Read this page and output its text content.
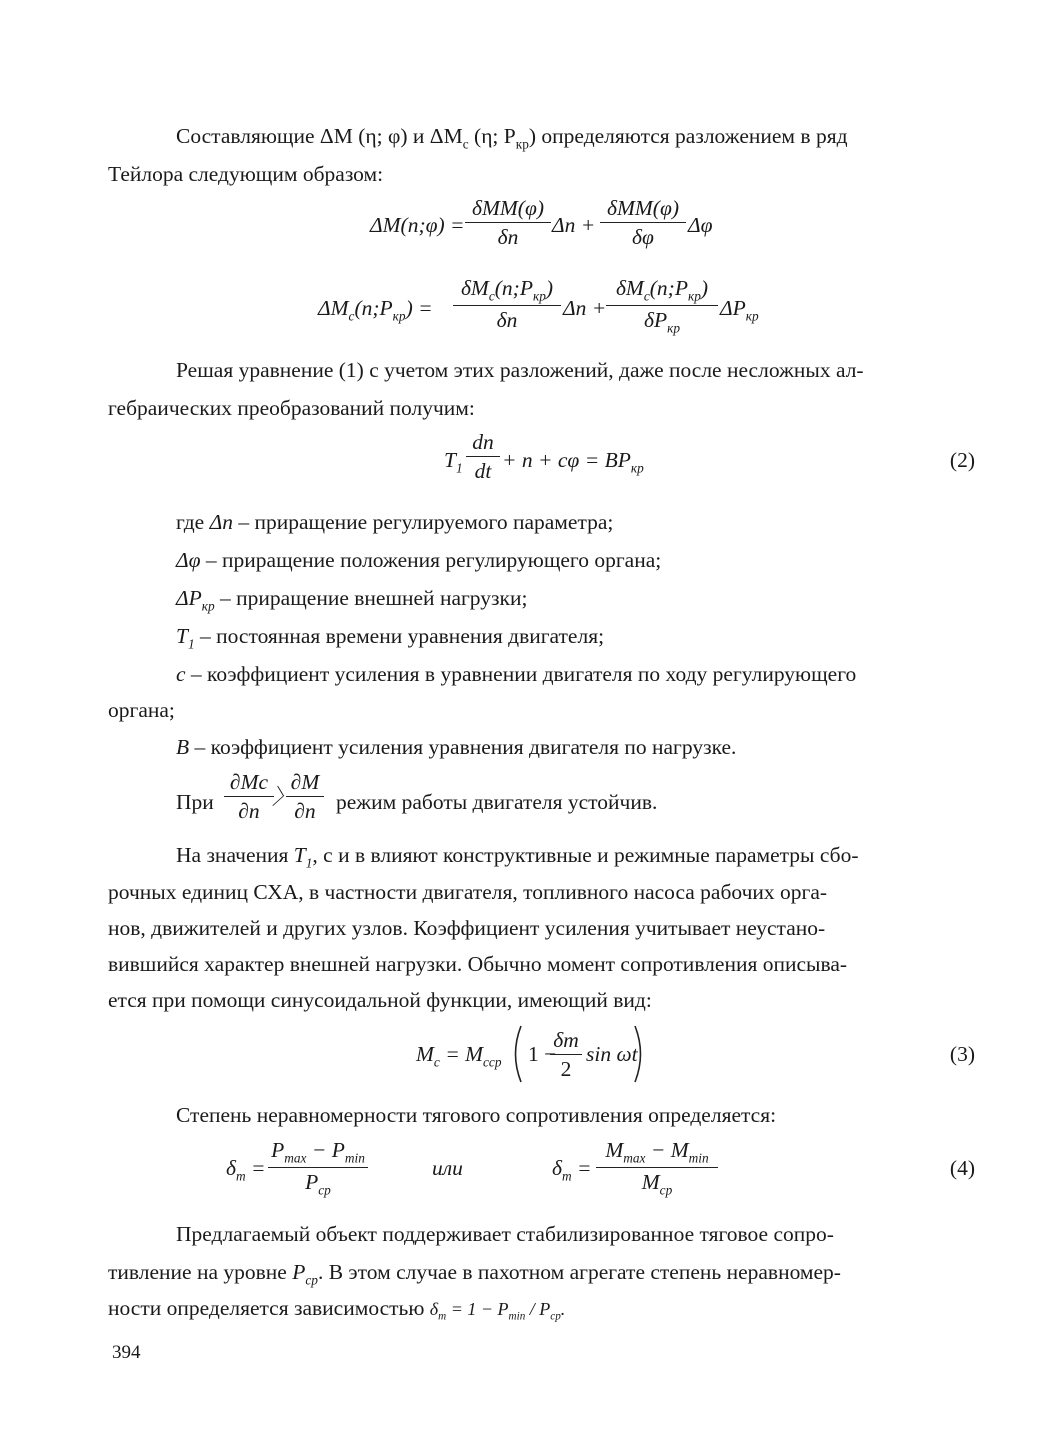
Составляющие ΔM (η; φ) и $\Delta M_c$ (η; $P_{кр}$) определяются разложением в ряд
Тейлора следующим образом:
ΔM(n;φ) =
δMM(φ)
δn	Δn +
δMM(φ)
δφ	Δφ
$\Delta M_c(n;P_{кр})$ =
$\delta M_c(n;P_{кр})$
δn
Δn +
$\delta M_c(n;P_{кр})$
$\delta P_{кр}$
$\Delta P_{кр}$
Решая уравнение (1) с учетом этих разложений, даже после несложных ал-
гебраических преобразований получим:
$T_1 \frac{dn}{dt} + n + c\varphi = BP_{кр}$	(2)
где Δn – приращение регулируемого параметра;
Δφ – приращение положения регулирующего органа;
$\Delta P_{кр}$ – приращение внешней нагрузки;
$T_1$ – постоянная времени уравнения двигателя;
с – коэффициент усиления в уравнении двигателя по ходу регулирующего
органа;
B – коэффициент усиления уравнения двигателя по нагрузке.
При $\frac{\partial Mc}{\partial n}$
〉
$\frac{\partial M}{\partial n}$ режим работы двигателя устойчив.
На значения $T_1$, с и в влияют конструктивные и режимные параметры сбо-
рочных единиц СХА, в частности двигателя, топливного насоса рабочих орга-
нов, движителей и других узлов. Коэффициент усиления учитывает неустано-
вившийся характер внешней нагрузки. Обычно момент сопротивления описыва-
ется при помощи синусоидальной функции, имеющий вид:
$M_c = M_{cср}$ 1 −
$\frac{\delta m}{2}$ sin ωt	(3)
Степень неравномерности тягового сопротивления определяется:
$\delta_m$ =
$P_{max} - P_{min}$
$P_{ср}$
или	$\delta_m$ =
$M_{max} - M_{min}$
$M_{ср}$
(4)
Предлагаемый объект поддерживает стабилизированное тяговое сопро-
тивление на уровне $P_{ср}$. В этом случае в пахотном агрегате степень неравномер-
ности определяется зависимостью $\delta_m = 1 - P_{min} / P_{ср}$.
394
